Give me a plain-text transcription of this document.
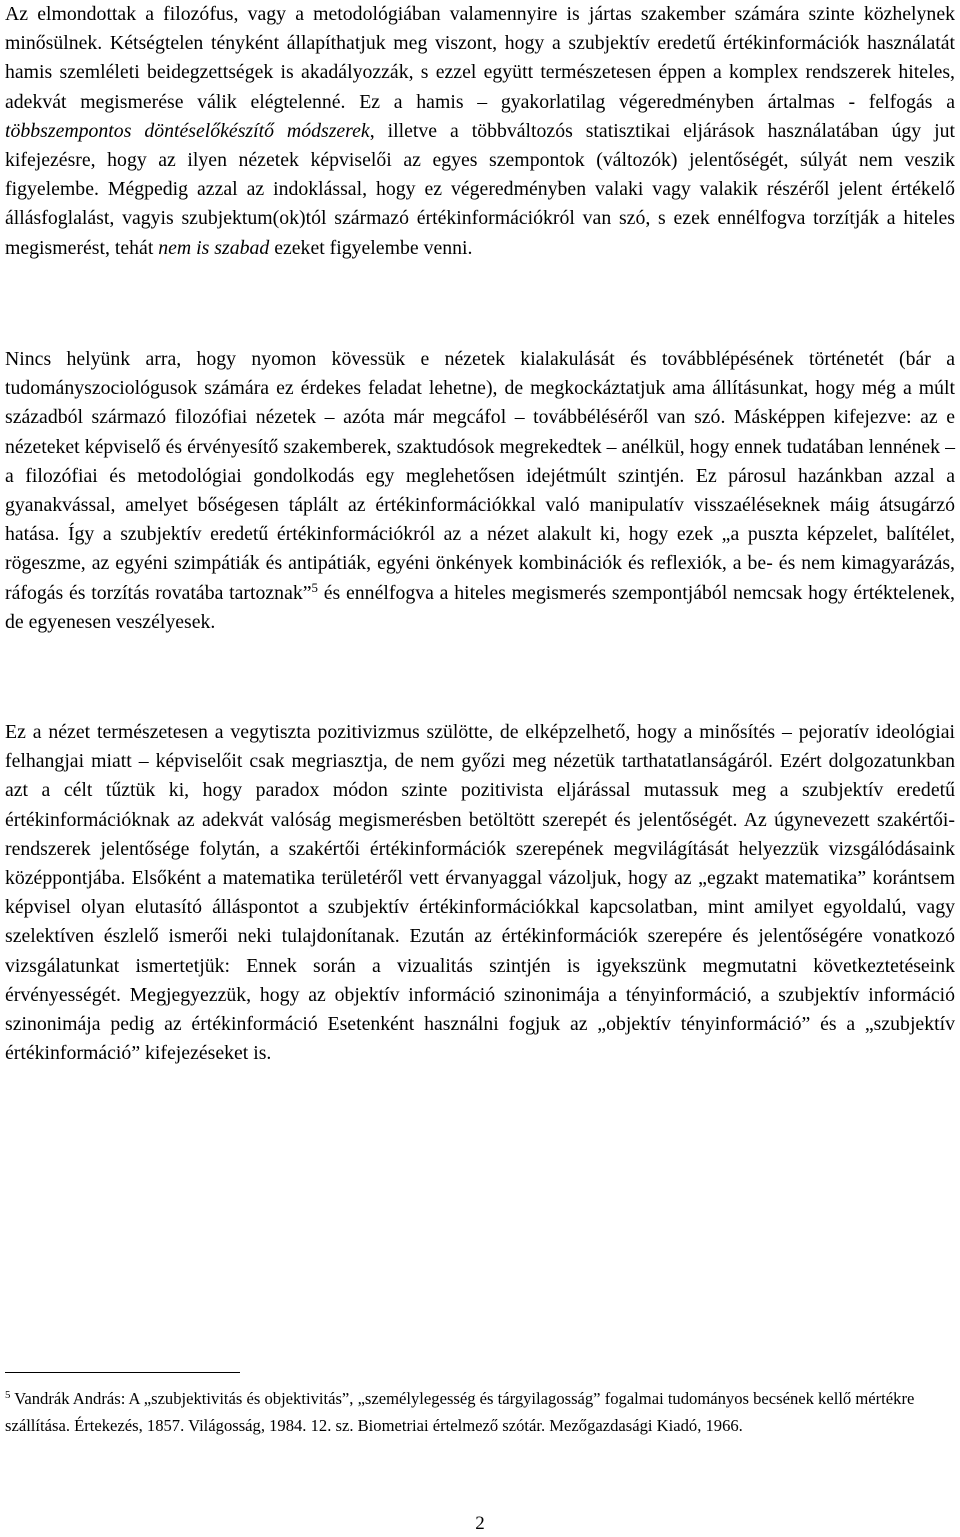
Az elmondottak a filozófus, vagy a metodológiában valamennyire is jártas szakember számára szinte közhelynek minősülnek. Kétségtelen tényként állapíthatjuk meg viszont, hogy a szubjektív eredetű értékinformációk használatát hamis szemléleti beidegzettségek is akadályozzák, s ezzel együtt természetesen éppen a komplex rendszerek hiteles, adekvát megismerése válik elégtelenné. Ez a hamis – gyakorlatilag végeredményben ártalmas - felfogás a többszempontos döntéselőkészítő módszerek, illetve a többváltozós statisztikai eljárások használatában úgy jut kifejezésre, hogy az ilyen nézetek képviselői az egyes szempontok (változók) jelentőségét, súlyát nem veszik figyelembe. Mégpedig azzal az indoklással, hogy ez végeredményben valaki vagy valakik részéről jelent értékelő állásfoglalást, vagyis szubjektum(ok)tól származó értékinformációkról van szó, s ezek ennélfogva torzítják a hiteles megismerést, tehát nem is szabad ezeket figyelembe venni.

Nincs helyünk arra, hogy nyomon kövessük e nézetek kialakulását és továbblépésének történetét (bár a tudományszociológusok számára ez érdekes feladat lehetne), de megkockáztatjuk ama állításunkat, hogy még a múlt századból származó filozófiai nézetek – azóta már megcáfol – továbbéléséről van szó. Másképpen kifejezve: az e nézeteket képviselő és érvényesítő szakemberek, szaktudósok megrekedtek – anélkül, hogy ennek tudatában lennének – a filozófiai és metodológiai gondolkodás egy meglehetősen idejétmúlt szintjén. Ez párosul hazánkban azzal a gyanakvással, amelyet bőségesen táplált az értékinformációkkal való manipulatív visszaéléseknek máig átsugárzó hatása. Így a szubjektív eredetű értékinformációkról az a nézet alakult ki, hogy ezek „a puszta képzelet, balítélet, rögeszme, az egyéni szimpátiák és antipátiák, egyéni önkények kombinációk és reflexiók, a be- és nem kimagyarázás, ráfogás és torzítás rovatába tartoznak”$^5$ és ennélfogva a hiteles megismerés szempontjából nemcsak hogy értéktelenek, de egyenesen veszélyesek.

Ez a nézet természetesen a vegytiszta pozitivizmus szülötte, de elképzelhető, hogy a minősítés – pejoratív ideológiai felhangjai miatt – képviselőit csak megriasztja, de nem győzi meg nézetük tarthatatlanságáról. Ezért dolgozatunkban azt a célt tűztük ki, hogy paradox módon szinte pozitivista eljárással mutassuk meg a szubjektív eredetű értékinformációknak az adekvát valóság megismerésben betöltött szerepét és jelentőségét. Az úgynevezett szakértői-rendszerek jelentősége folytán, a szakértői értékinformációk szerepének megvilágítását helyezzük vizsgálódásaink középpontjába. Elsőként a matematika területéről vett érvanyaggal vázoljuk, hogy az „egzakt matematika” korántsem képvisel olyan elutasító álláspontot a szubjektív értékinformációkkal kapcsolatban, mint amilyet egyoldalú, vagy szelektíven észlelő ismerői neki tulajdonítanak. Ezután az értékinformációk szerepére és jelentőségére vonatkozó vizsgálatunkat ismertetjük: Ennek során a vizualitás szintjén is igyekszünk megmutatni következtetéseink érvényességét. Megjegyezzük, hogy az objektív információ szinonimája a tényinformáció, a szubjektív információ szinonimája pedig az értékinformáció Esetenként használni fogjuk az „objektív tényinformáció” és a „szubjektív értékinformáció” kifejezéseket is.

$^5$ Vandrák András: A „szubjektivitás és objektivitás”, „személylegesség és tárgyilagosság” fogalmai tudományos becsének kellő mértékre szállítása. Értekezés, 1857. Világosság, 1984. 12. sz. Biometriai értelmező szótár. Mezőgazdasági Kiadó, 1966.

2
